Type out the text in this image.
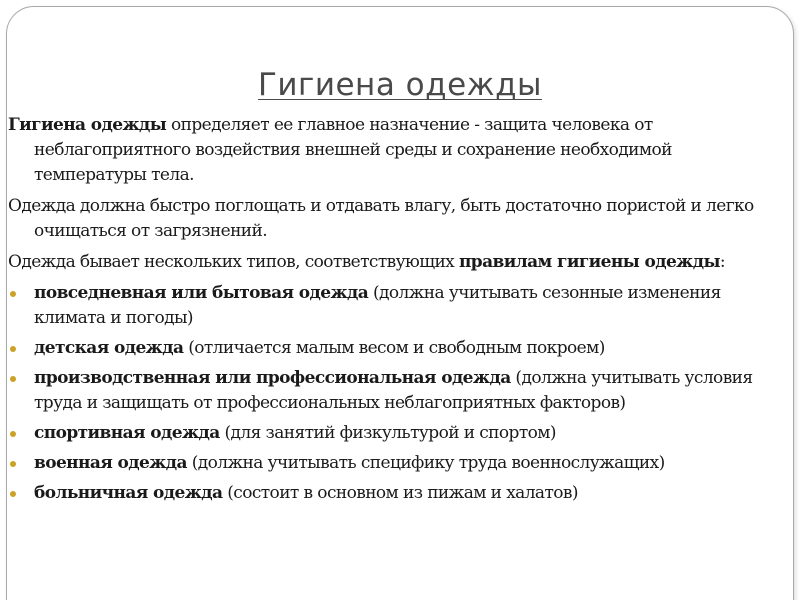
Гигиена одежды

Гигиена одежды определяет ее главное назначение - защита человека от неблагоприятного воздействия внешней среды и сохранение необходимой температуры тела.

Одежда должна быстро поглощать и отдавать влагу, быть достаточно пористой и легко очищаться от загрязнений.

Одежда бывает нескольких типов, соответствующих правилам гигиены одежды:

повседневная или бытовая одежда (должна учитывать сезонные изменения климата и погоды)
детская одежда (отличается малым весом и свободным покроем)
производственная или профессиональная одежда (должна учитывать условия труда и защищать от профессиональных неблагоприятных факторов)
спортивная одежда (для занятий физкультурой и спортом)
военная одежда (должна учитывать специфику труда военнослужащих)
больничная одежда (состоит в основном из пижам и халатов)
